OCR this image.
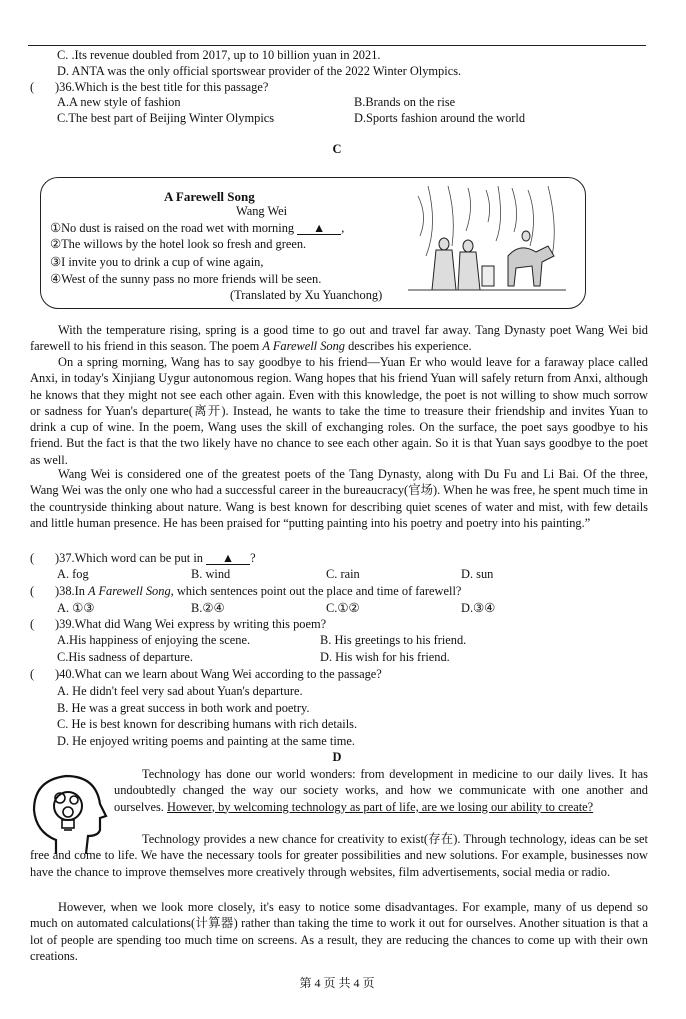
C. .Its revenue doubled from 2017, up to 10 billion yuan in 2021.
D. ANTA was the only official sportswear provider of the 2022 Winter Olympics.
( )36.Which is the best title for this passage?
A.A new style of fashion	B.Brands on the rise
C.The best part of Beijing Winter Olympics	D.Sports fashion around the world
C
A Farewell Song
Wang Wei
①No dust is raised on the road wet with morning ▲ ,
②The willows by the hotel look so fresh and green.
③I invite you to drink a cup of wine again,
④West of the sunny pass no more friends will be seen.
(Translated by Xu Yuanchong)
With the temperature rising, spring is a good time to go out and travel far away. Tang Dynasty poet Wang Wei bid farewell to his friend in this season. The poem A Farewell Song describes his experience.
On a spring morning, Wang has to say goodbye to his friend—Yuan Er who would leave for a faraway place called Anxi, in today's Xinjiang Uygur autonomous region. Wang hopes that his friend Yuan will safely return from Anxi, although he knows that they might not see each other again. Even with this knowledge, the poet is not willing to show much sorrow or sadness for Yuan's departure(离开). Instead, he wants to take the time to treasure their friendship and invites Yuan to drink a cup of wine. In the poem, Wang uses the skill of exchanging roles. On the surface, the poet says goodbye to his friend. But the fact is that the two likely have no chance to see each other again. So it is that Yuan says goodbye to the poet as well.
Wang Wei is considered one of the greatest poets of the Tang Dynasty, along with Du Fu and Li Bai. Of the three, Wang Wei was the only one who had a successful career in the bureaucracy(官场). When he was free, he spent much time in the countryside thinking about nature. Wang is best known for describing quiet scenes of water and mist, with few details and little human presence. He has been praised for “putting painting into his poetry and poetry into his painting.”
( )37.Which word can be put in ▲ ?
A. fog	B. wind	C. rain	D. sun
( )38.In A Farewell Song, which sentences point out the place and time of farewell?
A. ①③	B.②④	C.①②	D.③④
( )39.What did Wang Wei express by writing this poem?
A.His happiness of enjoying the scene.	B. His greetings to his friend.
C.His sadness of departure.	D. His wish for his friend.
( )40.What can we learn about Wang Wei according to the passage?
A. He didn't feel very sad about Yuan's departure.
B. He was a great success in both work and poetry.
C. He is best known for describing humans with rich details.
D. He enjoyed writing poems and painting at the same time.
D
Technology has done our world wonders: from development in medicine to our daily lives. It has undoubtedly changed the way our society works, and how we communicate with one another and ourselves. However, by welcoming technology as part of life, are we losing our ability to create?
Technology provides a new chance for creativity to exist(存在). Through technology, ideas can be set free and come to life. We have the necessary tools for greater possibilities and new solutions. For example, businesses now have the chance to improve themselves more creatively through websites, film advertisements, social media or radio.
However, when we look more closely, it's easy to notice some disadvantages. For example, many of us depend so much on automated calculations(计算器) rather than taking the time to work it out for ourselves. Another situation is that a lot of people are spending too much time on screens. As a result, they are reducing the chances to come up with their own creations.
第 4 页 共 4 页
